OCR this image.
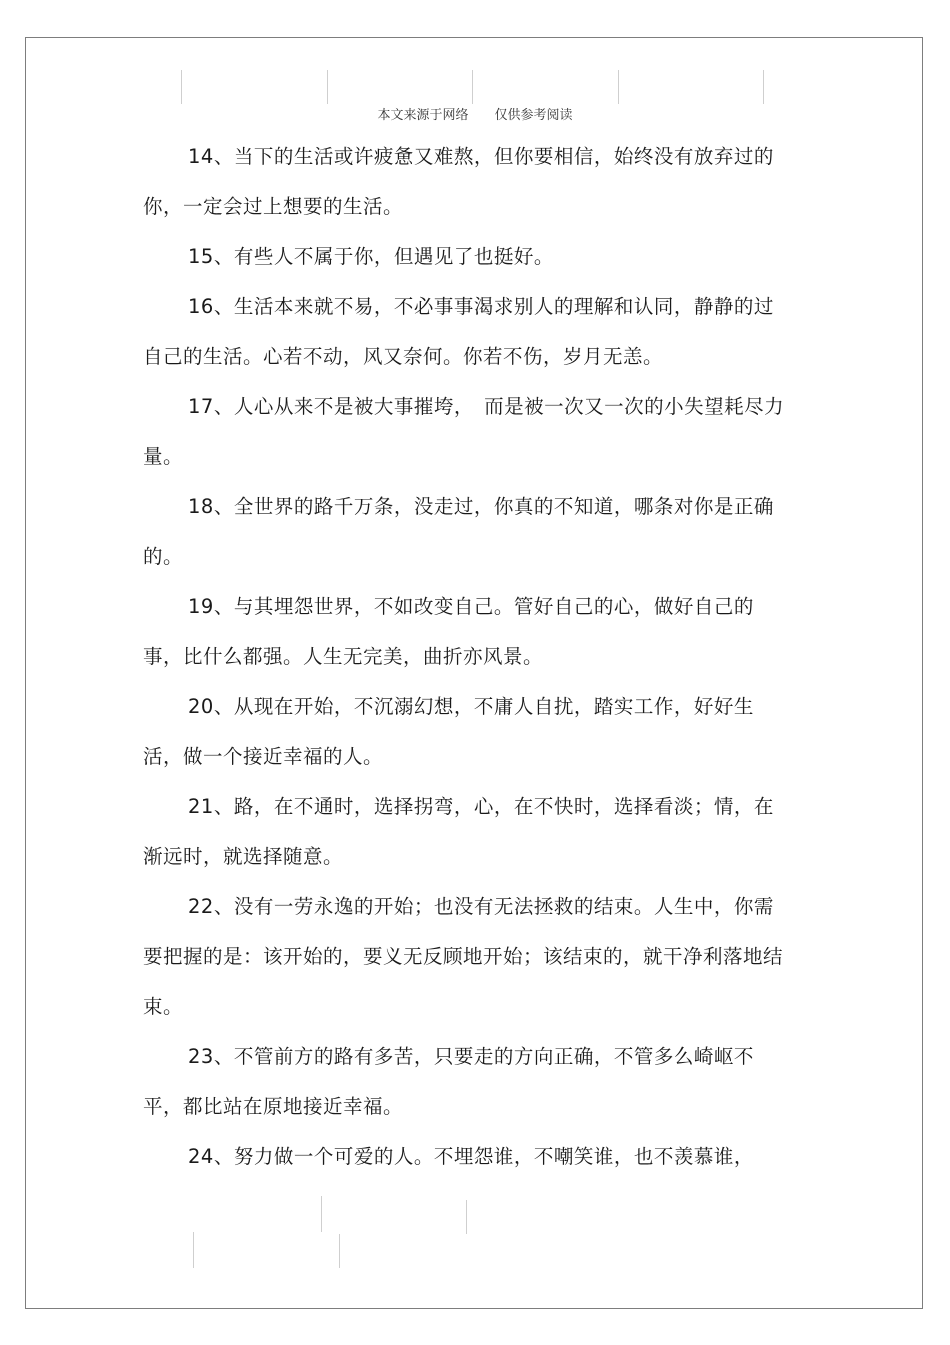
本文来源于网络 仅供参考阅读

14、当下的生活或许疲惫又难熬，但你要相信，始终没有放弃过的你，一定会过上想要的生活。

15、有些人不属于你，但遇见了也挺好。

16、生活本来就不易，不必事事渴求别人的理解和认同，静静的过自己的生活。心若不动，风又奈何。你若不伤，岁月无恙。

17、人心从来不是被大事摧垮，　而是被一次又一次的小失望耗尽力量。

18、全世界的路千万条，没走过，你真的不知道，哪条对你是正确的。

19、与其埋怨世界，不如改变自己。管好自己的心，做好自己的事，比什么都强。人生无完美，曲折亦风景。

20、从现在开始，不沉溺幻想，不庸人自扰，踏实工作，好好生活，做一个接近幸福的人。

21、路，在不通时，选择拐弯，心，在不快时，选择看淡；情，在渐远时，就选择随意。

22、没有一劳永逸的开始；也没有无法拯救的结束。人生中，你需要把握的是：该开始的，要义无反顾地开始；该结束的，就干净利落地结束。

23、不管前方的路有多苦，只要走的方向正确，不管多么崎岖不平，都比站在原地接近幸福。

24、努力做一个可爱的人。不埋怨谁，不嘲笑谁，也不羡慕谁，
